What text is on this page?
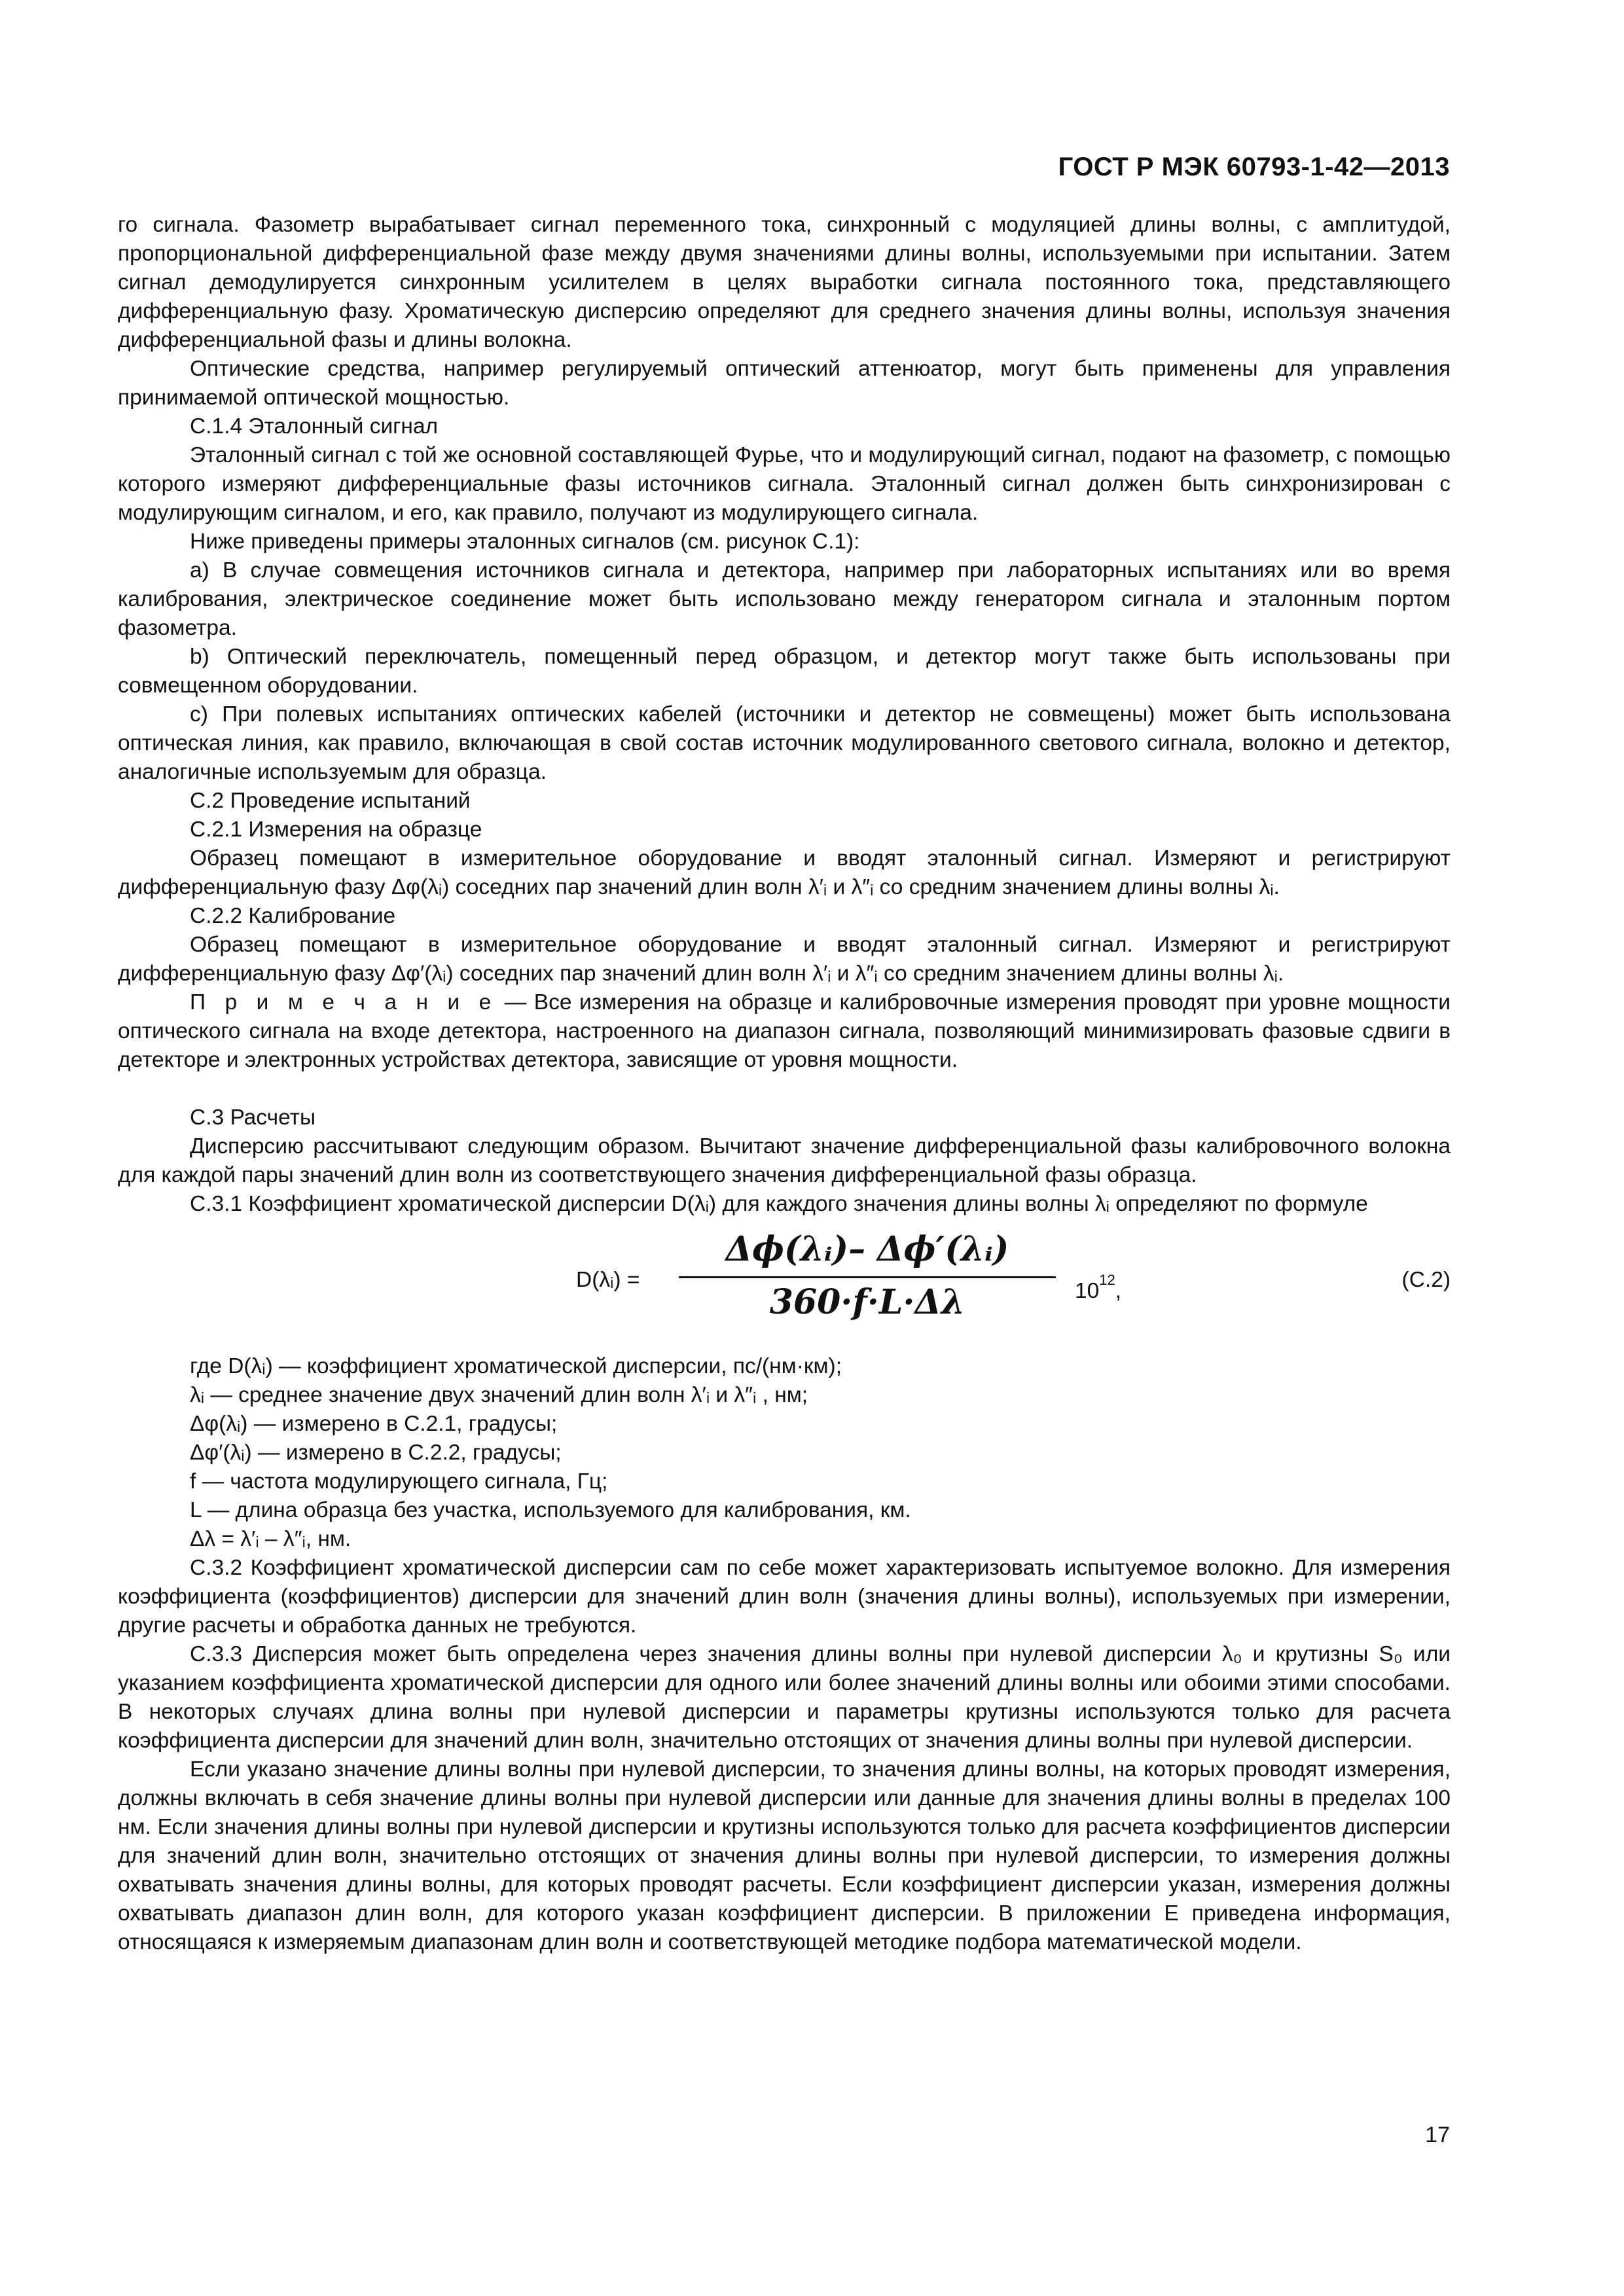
ГОСТ Р МЭК 60793-1-42—2013

го сигнала. Фазометр вырабатывает сигнал переменного тока, синхронный с модуляцией длины волны, с амплитудой, пропорциональной дифференциальной фазе между двумя значениями длины волны, используемыми при испытании. Затем сигнал демодулируется синхронным усилителем в целях выработки сигнала постоянного тока, представляющего дифференциальную фазу. Хроматическую дисперсию определяют для среднего значения длины волны, используя значения дифференциальной фазы и длины волокна.

Оптические средства, например регулируемый оптический аттенюатор, могут быть применены для управления принимаемой оптической мощностью.

С.1.4 Эталонный сигнал

Эталонный сигнал с той же основной составляющей Фурье, что и модулирующий сигнал, подают на фазометр, с помощью которого измеряют дифференциальные фазы источников сигнала. Эталонный сигнал должен быть синхронизирован с модулирующим сигналом, и его, как правило, получают из модулирующего сигнала.

Ниже приведены примеры эталонных сигналов (см. рисунок С.1):

a) В случае совмещения источников сигнала и детектора, например при лабораторных испытаниях или во время калибрования, электрическое соединение может быть использовано между генератором сигнала и эталонным портом фазометра.

b) Оптический переключатель, помещенный перед образцом, и детектор могут также быть использованы при совмещенном оборудовании.

c) При полевых испытаниях оптических кабелей (источники и детектор не совмещены) может быть использована оптическая линия, как правило, включающая в свой состав источник модулированного светового сигнала, волокно и детектор, аналогичные используемым для образца.

С.2 Проведение испытаний

С.2.1 Измерения на образце

Образец помещают в измерительное оборудование и вводят эталонный сигнал. Измеряют и регистрируют дифференциальную фазу Δφ(λᵢ) соседних пар значений длин волн λ′ᵢ и λ″ᵢ со средним значением длины волны λᵢ.

С.2.2 Калибрование

Образец помещают в измерительное оборудование и вводят эталонный сигнал. Измеряют и регистрируют дифференциальную фазу Δφ′(λᵢ) соседних пар значений длин волн λ′ᵢ и λ″ᵢ со средним значением длины волны λᵢ.

П р и м е ч а н и е — Все измерения на образце и калибровочные измерения проводят при уровне мощности оптического сигнала на входе детектора, настроенного на диапазон сигнала, позволяющий минимизировать фазовые сдвиги в детекторе и электронных устройствах детектора, зависящие от уровня мощности.

С.3 Расчеты

Дисперсию рассчитывают следующим образом. Вычитают значение дифференциальной фазы калибровочного волокна для каждой пары значений длин волн из соответствующего значения дифференциальной фазы образца.

С.3.1 Коэффициент хроматической дисперсии D(λᵢ) для каждого значения длины волны λᵢ определяют по формуле

D(λᵢ) =
Δϕ(λᵢ)– Δϕ′(λᵢ)
360·f·L·Δλ	$10^{12}$,	(С.2)

где D(λᵢ) — коэффициент хроматической дисперсии, пс/(нм·км);

λᵢ — среднее значение двух значений длин волн λ′ᵢ и λ″ᵢ , нм;

Δφ(λᵢ) — измерено в С.2.1, градусы;

Δφ′(λᵢ) — измерено в С.2.2, градусы;

f — частота модулирующего сигнала, Гц;

L — длина образца без участка, используемого для калибрования, км.

Δλ = λ′ᵢ – λ″ᵢ, нм.

С.3.2 Коэффициент хроматической дисперсии сам по себе может характеризовать испытуемое волокно. Для измерения коэффициента (коэффициентов) дисперсии для значений длин волн (значения длины волны), используемых при измерении, другие расчеты и обработка данных не требуются.

С.3.3 Дисперсия может быть определена через значения длины волны при нулевой дисперсии λ₀ и крутизны S₀ или указанием коэффициента хроматической дисперсии для одного или более значений длины волны или обоими этими способами. В некоторых случаях длина волны при нулевой дисперсии и параметры крутизны используются только для расчета коэффициента дисперсии для значений длин волн, значительно отстоящих от значения длины волны при нулевой дисперсии.

Если указано значение длины волны при нулевой дисперсии, то значения длины волны, на которых проводят измерения, должны включать в себя значение длины волны при нулевой дисперсии или данные для значения длины волны в пределах 100 нм. Если значения длины волны при нулевой дисперсии и крутизны используются только для расчета коэффициентов дисперсии для значений длин волн, значительно отстоящих от значения длины волны при нулевой дисперсии, то измерения должны охватывать значения длины волны, для которых проводят расчеты. Если коэффициент дисперсии указан, измерения должны охватывать диапазон длин волн, для которого указан коэффициент дисперсии. В приложении Е приведена информация, относящаяся к измеряемым диапазонам длин волн и соответствующей методике подбора математической модели.

17
